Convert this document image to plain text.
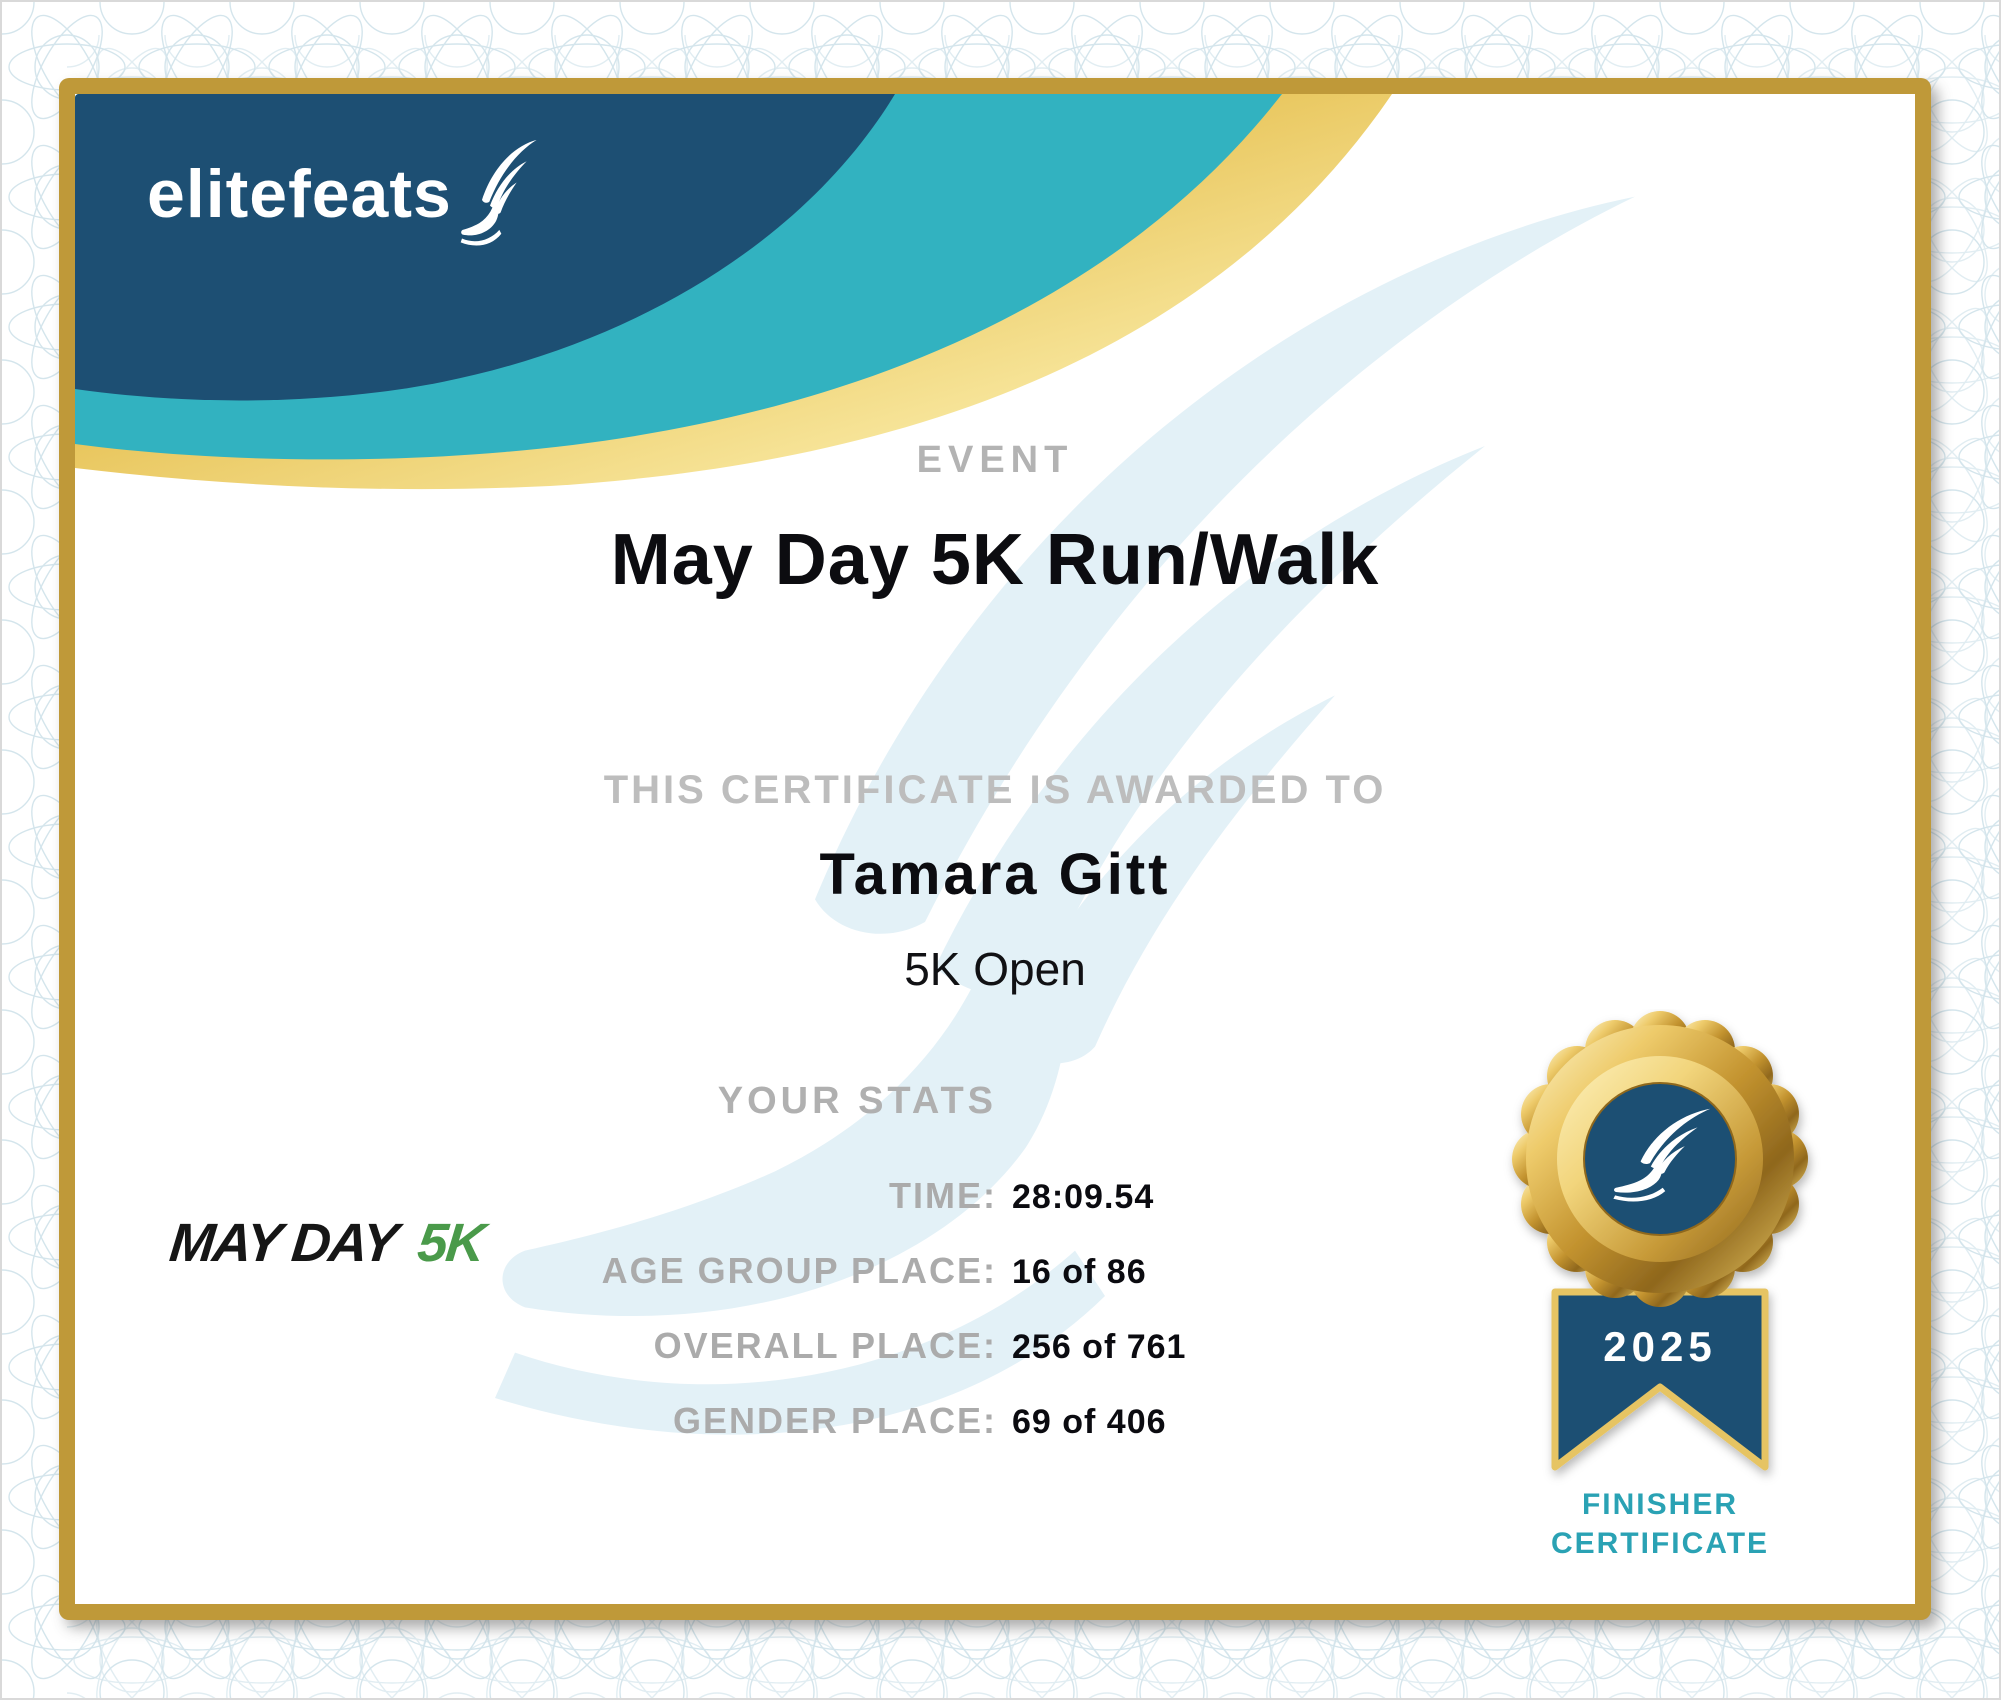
elitefeats
EVENT
May Day 5K Run/Walk
THIS CERTIFICATE IS AWARDED TO
Tamara Gitt
5K Open
YOUR STATS
TIME: 28:09.54
AGE GROUP PLACE: 16 of 86
OVERALL PLACE: 256 of 761
GENDER PLACE: 69 of 406
MAY DAY 5K
2025
FINISHER
CERTIFICATE
